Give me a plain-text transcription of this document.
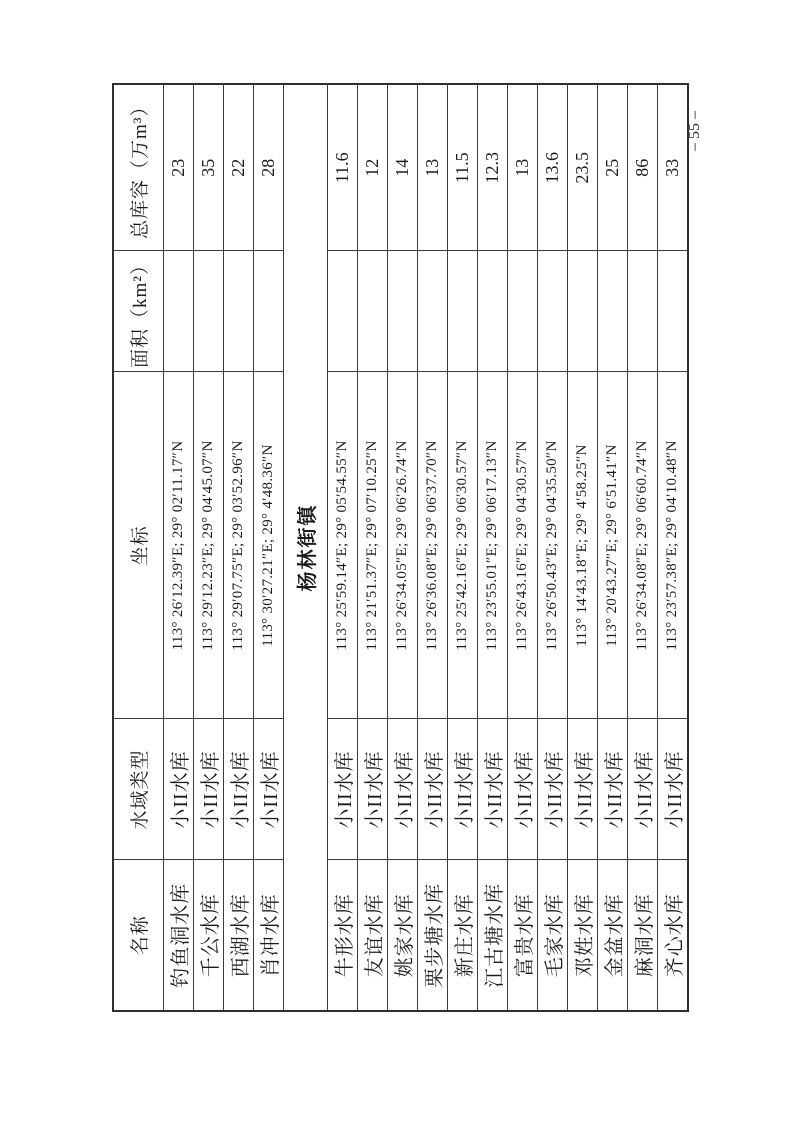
名称	水域类型	坐标	面积（km²）	总库容（万m³）
钓鱼洞水库	小II水库	113° 26′12.39″E; 29° 02′11.17″N		23
千公水库	小II水库	113° 29′12.23″E; 29° 04′45.07″N		35
西湖水库	小II水库	113° 29′07.75″E; 29° 03′52.96″N		22
肖冲水库	小II水库	113° 30′27.21″E; 29° 4′48.36″N		28
杨林街镇				
牛形水库	小II水库	113° 25′59.14″E; 29° 05′54.55″N		11.6
友谊水库	小II水库	113° 21′51.37″E; 29° 07′10.25″N		12
姚家水库	小II水库	113° 26′34.05″E; 29° 06′26.74″N		14
栗步塘水库	小II水库	113° 26′36.08″E; 29° 06′37.70″N		13
新庄水库	小II水库	113° 25′42.16″E; 29° 06′30.57″N		11.5
江古塘水库	小II水库	113° 23′55.01″E; 29° 06′17.13″N		12.3
富贵水库	小II水库	113° 26′43.16″E; 29° 04′30.57″N		13
毛家水库	小II水库	113° 26′50.43″E; 29° 04′35.50″N		13.6
邓姓水库	小II水库	113° 14′43.18″E; 29° 4′58.25″N		23.5
金盆水库	小II水库	113° 20′43.27″E; 29° 6′51.41″N		25
麻洞水库	小II水库	113° 26′34.08″E; 29° 06′60.74″N		86
齐心水库	小II水库	113° 23′57.38″E; 29° 04′10.48″N		33
– 55 –
